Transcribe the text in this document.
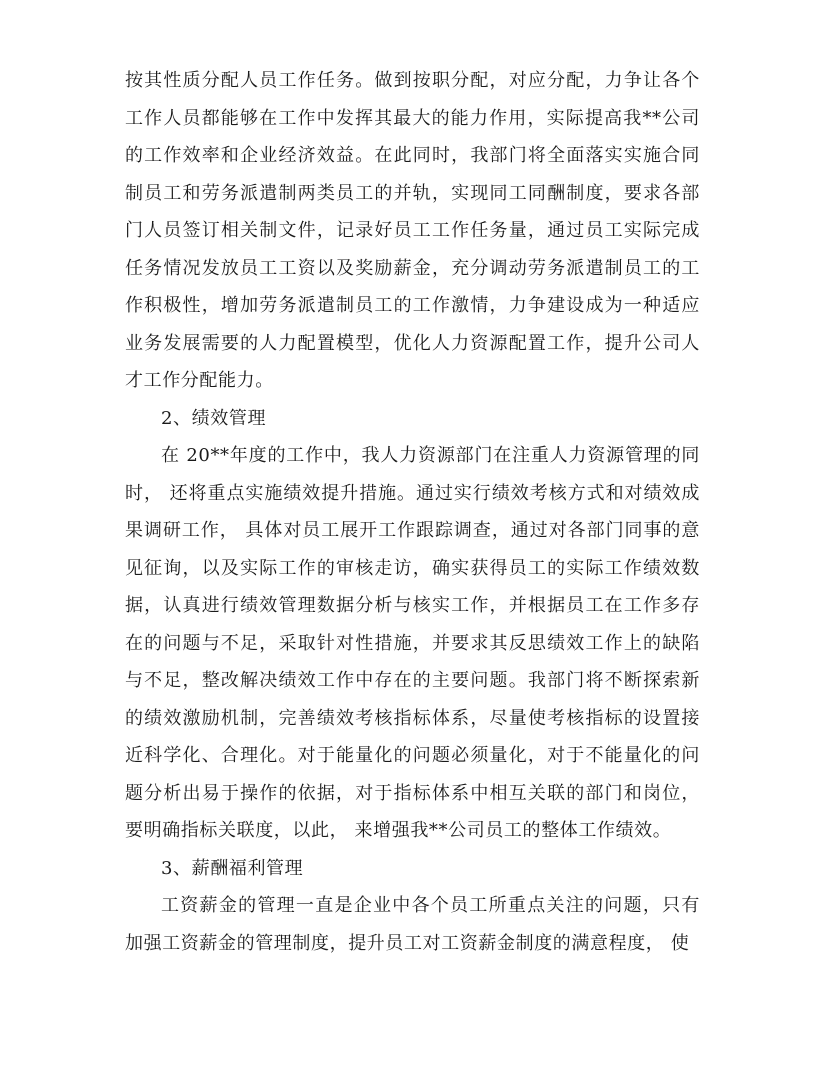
按其性质分配人员工作任务。做到按职分配，对应分配，力争让各个工作人员都能够在工作中发挥其最大的能力作用，实际提高我**公司的工作效率和企业经济效益。在此同时，我部门将全面落实实施合同制员工和劳务派遣制两类员工的并轨，实现同工同酬制度，要求各部门人员签订相关制文件，记录好员工工作任务量，通过员工实际完成任务情况发放员工工资以及奖励薪金，充分调动劳务派遣制员工的工作积极性，增加劳务派遣制员工的工作激情，力争建设成为一种适应业务发展需要的人力配置模型，优化人力资源配置工作，提升公司人才工作分配能力。

2、绩效管理

在 20**年度的工作中，我人力资源部门在注重人力资源管理的同时， 还将重点实施绩效提升措施。通过实行绩效考核方式和对绩效成果调研工作， 具体对员工展开工作跟踪调查，通过对各部门同事的意见征询，以及实际工作的审核走访，确实获得员工的实际工作绩效数据，认真进行绩效管理数据分析与核实工作，并根据员工在工作多存在的问题与不足，采取针对性措施，并要求其反思绩效工作上的缺陷与不足，整改解决绩效工作中存在的主要问题。我部门将不断探索新的绩效激励机制，完善绩效考核指标体系，尽量使考核指标的设置接近科学化、合理化。对于能量化的问题必须量化，对于不能量化的问题分析出易于操作的依据，对于指标体系中相互关联的部门和岗位，要明确指标关联度，以此， 来增强我**公司员工的整体工作绩效。

3、薪酬福利管理

工资薪金的管理一直是企业中各个员工所重点关注的问题，只有加强工资薪金的管理制度，提升员工对工资薪金制度的满意程度， 使
